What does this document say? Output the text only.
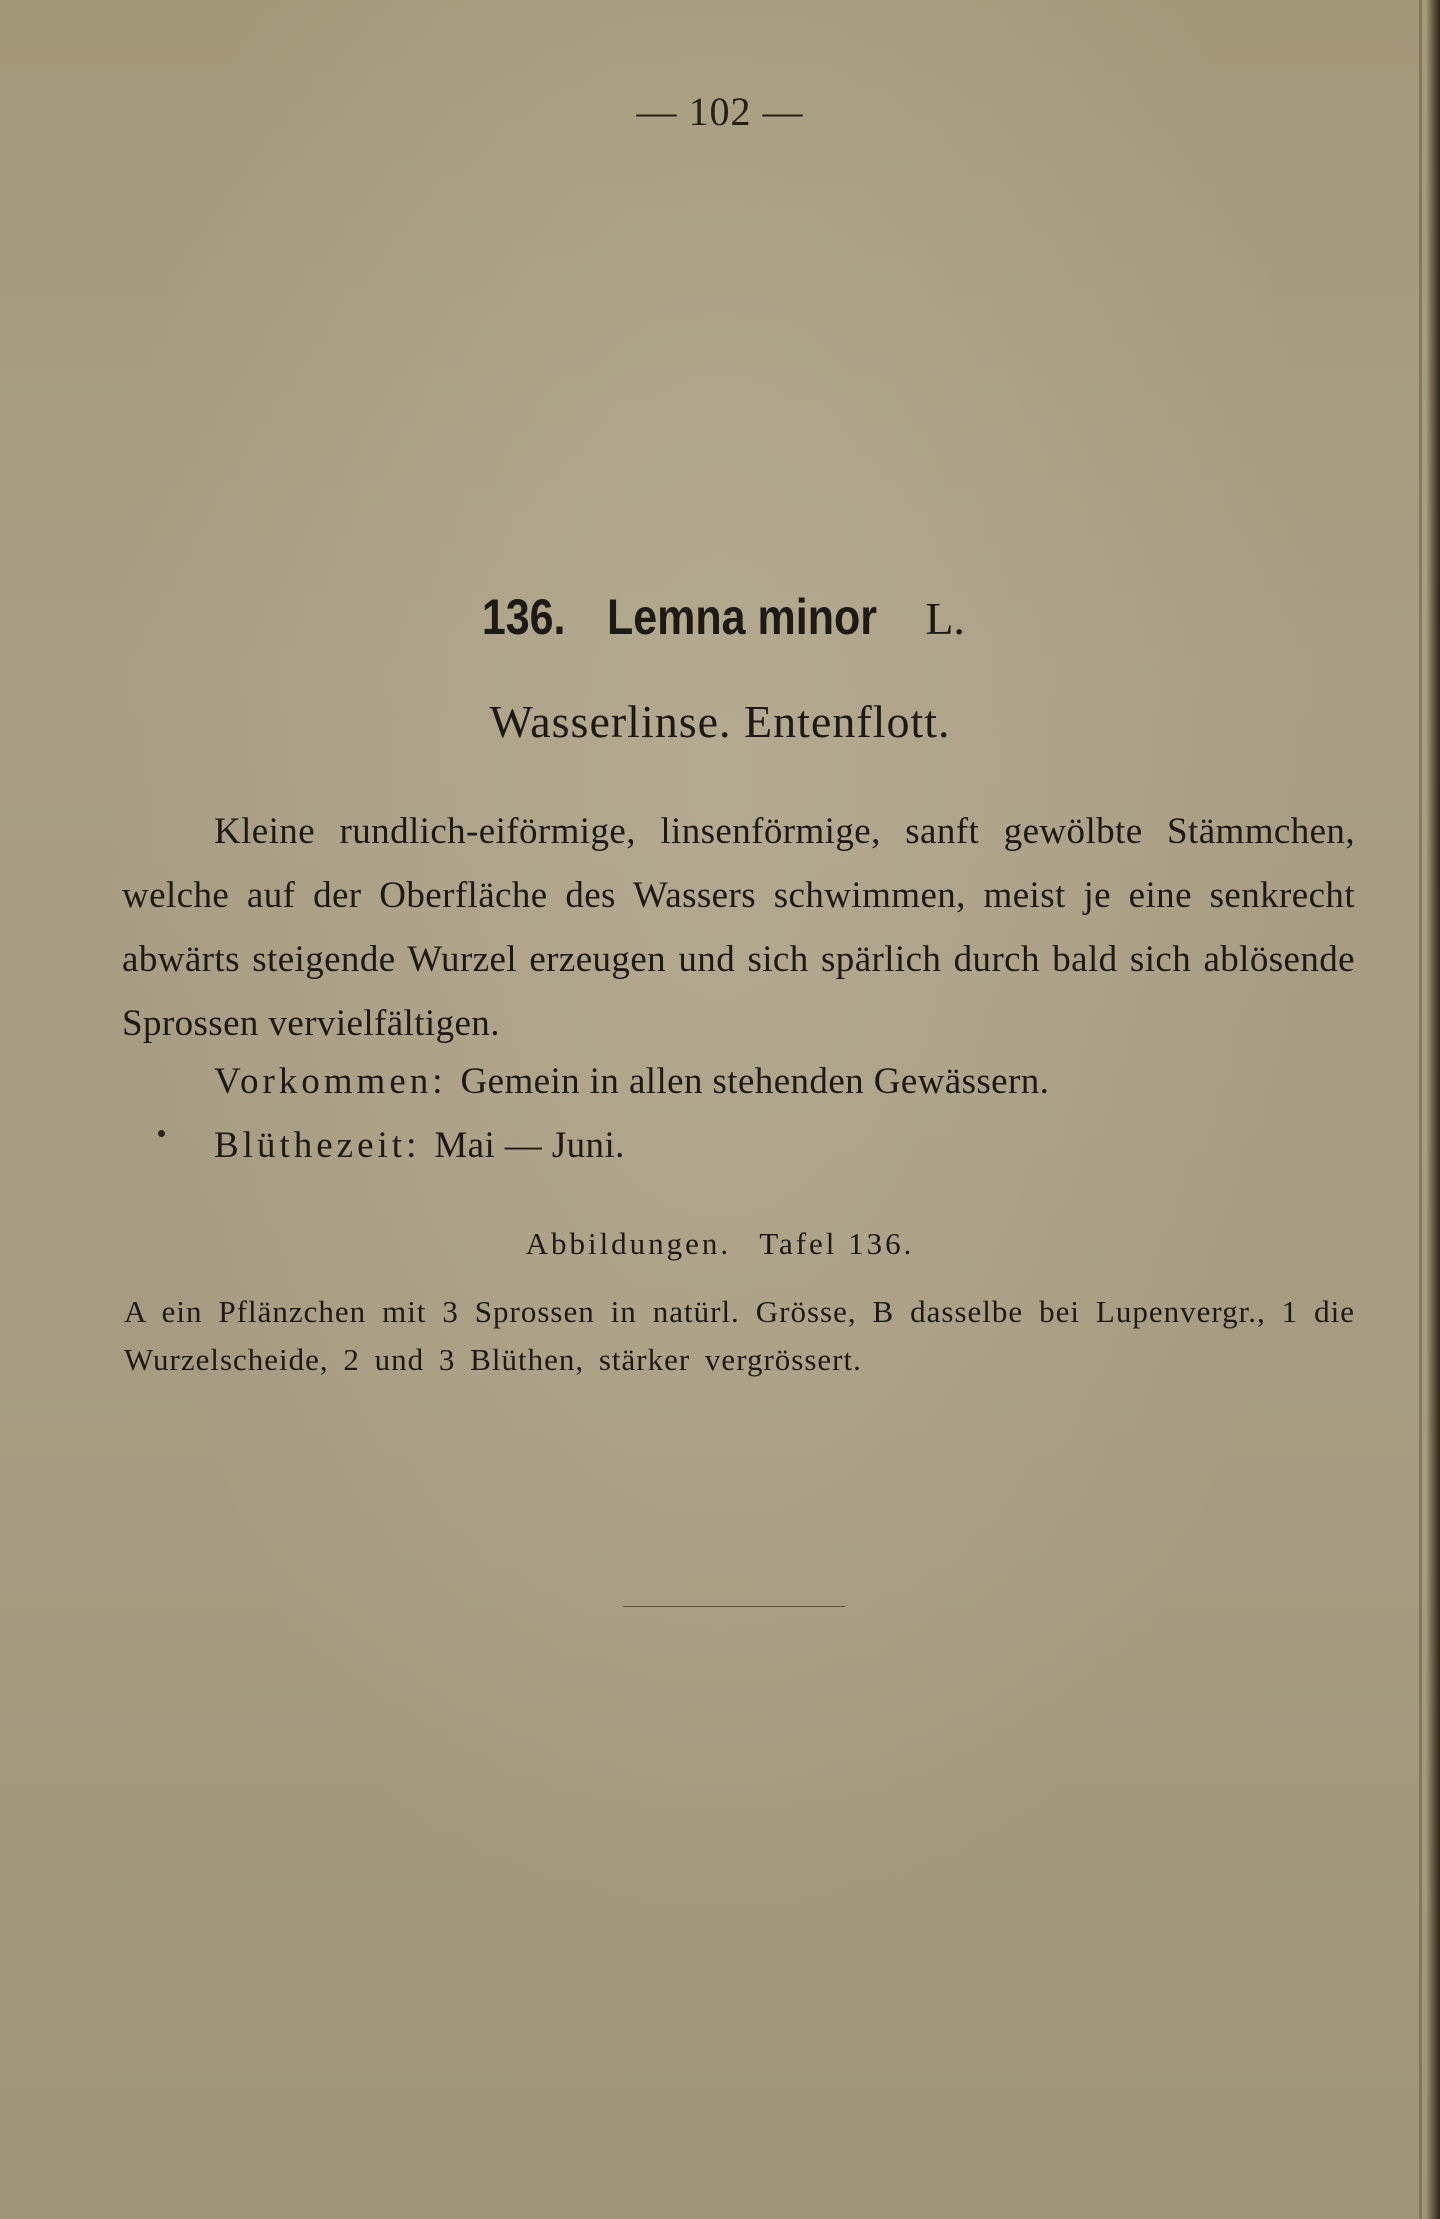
— 102 —
136. Lemna minor L.
Wasserlinse. Entenflott.
Kleine rundlich-eiförmige, linsenförmige, sanft gewölbte Stämmchen, welche auf der Oberfläche des Wassers schwimmen, meist je eine senkrecht abwärts steigende Wurzel erzeugen und sich spärlich durch bald sich ablösende Sprossen vervielfältigen.
Vorkommen: Gemein in allen stehenden Gewässern.
Blüthezeit: Mai — Juni.
Abbildungen. Tafel 136.
A ein Pflänzchen mit 3 Sprossen in natürl. Grösse, B dasselbe bei Lupenvergr., 1 die Wurzelscheide, 2 und 3 Blüthen, stärker vergrössert.
